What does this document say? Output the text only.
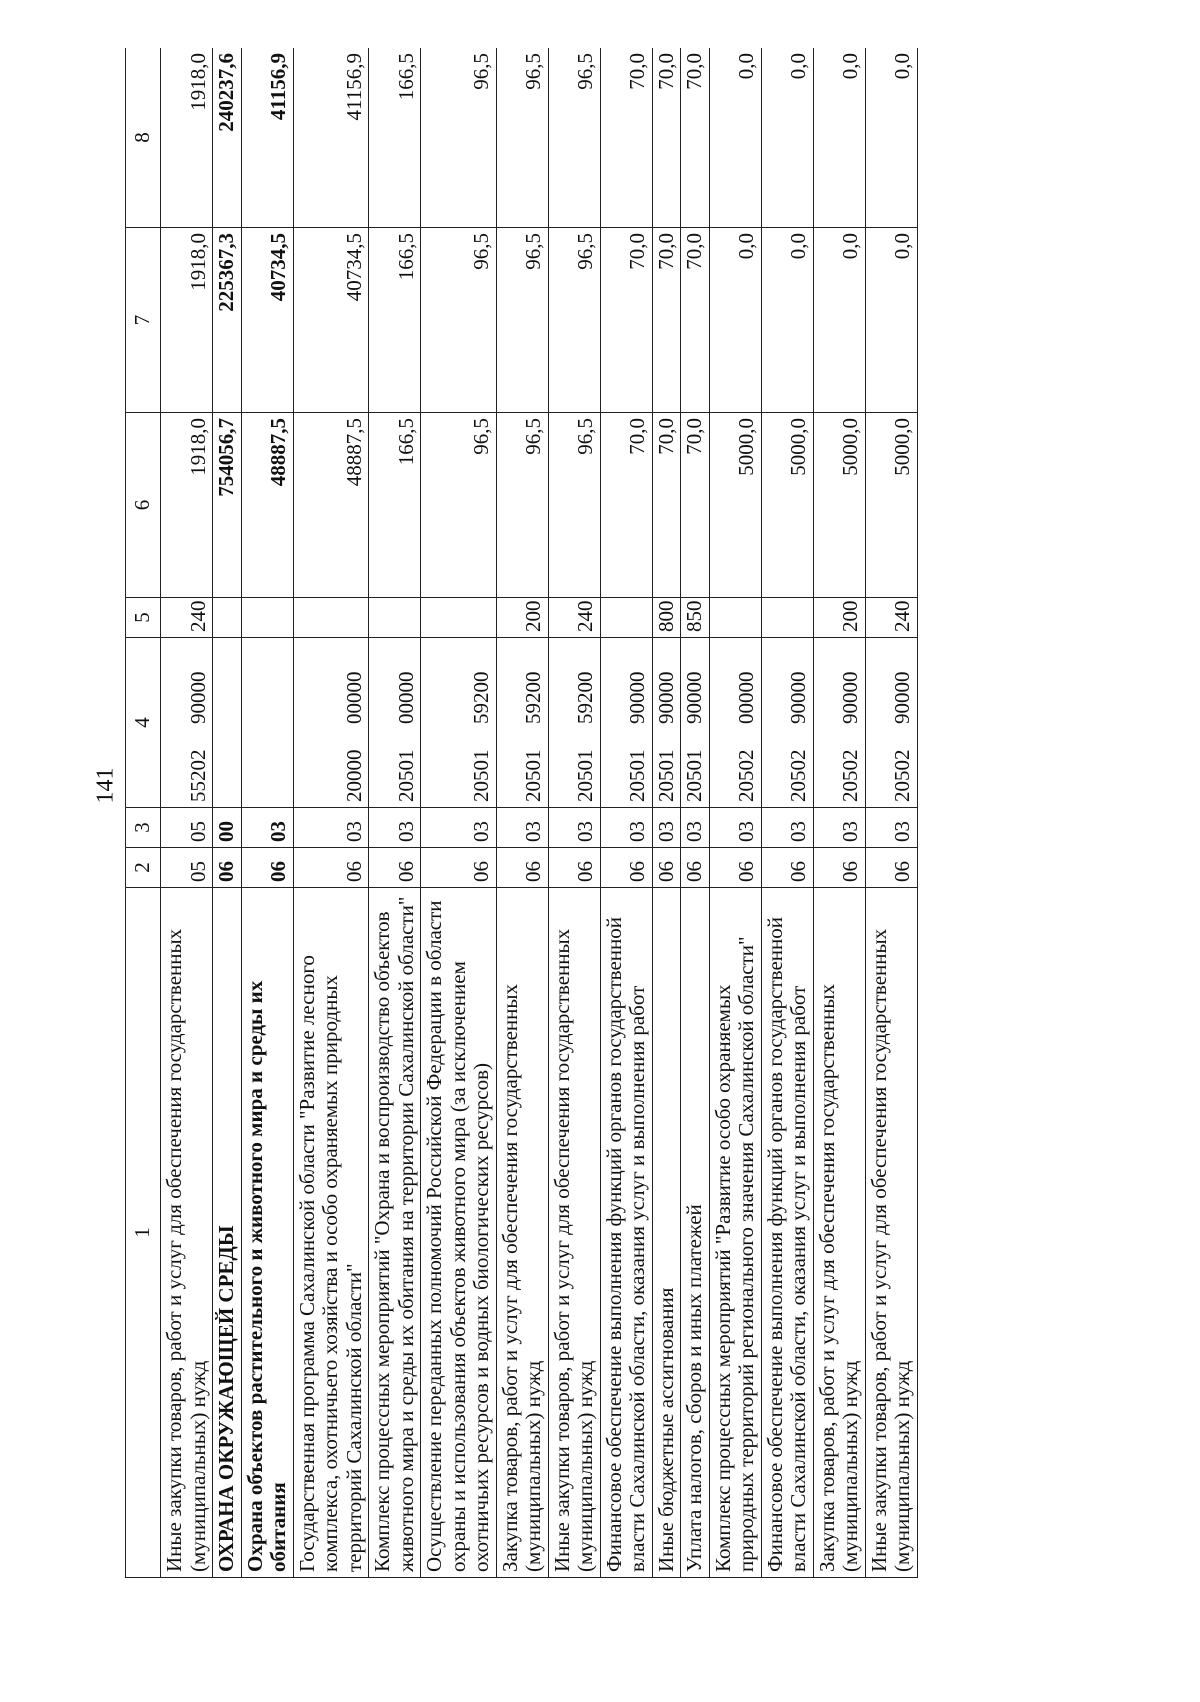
141
1	2	3	4	5	6	7	8
Иные закупки товаров, работ и услуг для обеспечения государственных (муниципальных) нужд	05	05	5520290000	240	1918,0	1918,0	1918,0
ОХРАНА ОКРУЖАЮЩЕЙ СРЕДЫ	06	00			754056,7	225367,3	240237,6
Охрана объектов растительного и животного мира и среды их обитания	06	03			48887,5	40734,5	41156,9
Государственная программа Сахалинской области "Развитие лесного комплекса, охотничьего хозяйства и особо охраняемых природных территорий Сахалинской области"	06	03	2000000000		48887,5	40734,5	41156,9
Комплекс процессных мероприятий "Охрана и воспроизводство объектов животного мира и среды их обитания на территории Сахалинской области"	06	03	2050100000		166,5	166,5	166,5
Осуществление переданных полномочий Российской Федерации в области охраны и использования объектов животного мира (за исключением охотничьих ресурсов и водных биологических ресурсов)	06	03	2050159200		96,5	96,5	96,5
Закупка товаров, работ и услуг для обеспечения государственных (муниципальных) нужд	06	03	2050159200	200	96,5	96,5	96,5
Иные закупки товаров, работ и услуг для обеспечения государственных (муниципальных) нужд	06	03	2050159200	240	96,5	96,5	96,5
Финансовое обеспечение выполнения функций органов государственной власти Сахалинской области, оказания услуг и выполнения работ	06	03	2050190000		70,0	70,0	70,0
Иные бюджетные ассигнования	06	03	2050190000	800	70,0	70,0	70,0
Уплата налогов, сборов и иных платежей	06	03	2050190000	850	70,0	70,0	70,0
Комплекс процессных мероприятий "Развитие особо охраняемых природных территорий регионального значения Сахалинской области"	06	03	2050200000		5000,0	0,0	0,0
Финансовое обеспечение выполнения функций органов государственной власти Сахалинской области, оказания услуг и выполнения работ	06	03	2050290000		5000,0	0,0	0,0
Закупка товаров, работ и услуг для обеспечения государственных (муниципальных) нужд	06	03	2050290000	200	5000,0	0,0	0,0
Иные закупки товаров, работ и услуг для обеспечения государственных (муниципальных) нужд	06	03	2050290000	240	5000,0	0,0	0,0
